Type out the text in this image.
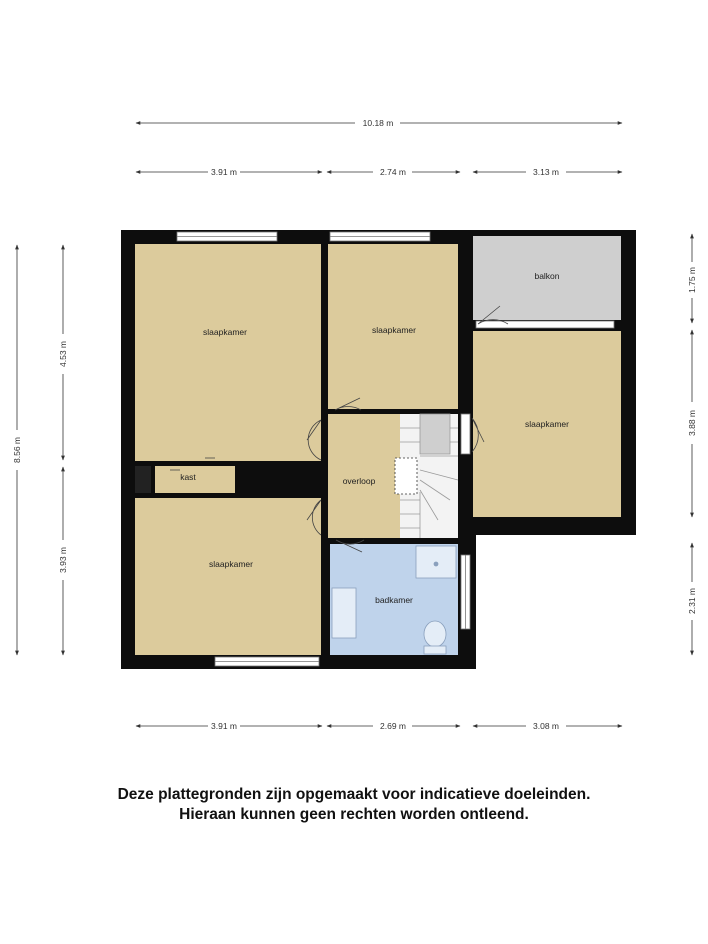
10.18 m
3.91 m	2.74 m	3.13 m
3.91 m	2.69 m	3.08 m
8.56 m
4.53 m
3.93 m
1.75 m
3.88 m
2.31 m
slaapkamer	slaapkamer
balkon
slaapkamer
kast	overloop
slaapkamer
badkamer
Deze plattegronden zijn opgemaakt voor indicatieve doeleinden.
Hieraan kunnen geen rechten worden ontleend.
